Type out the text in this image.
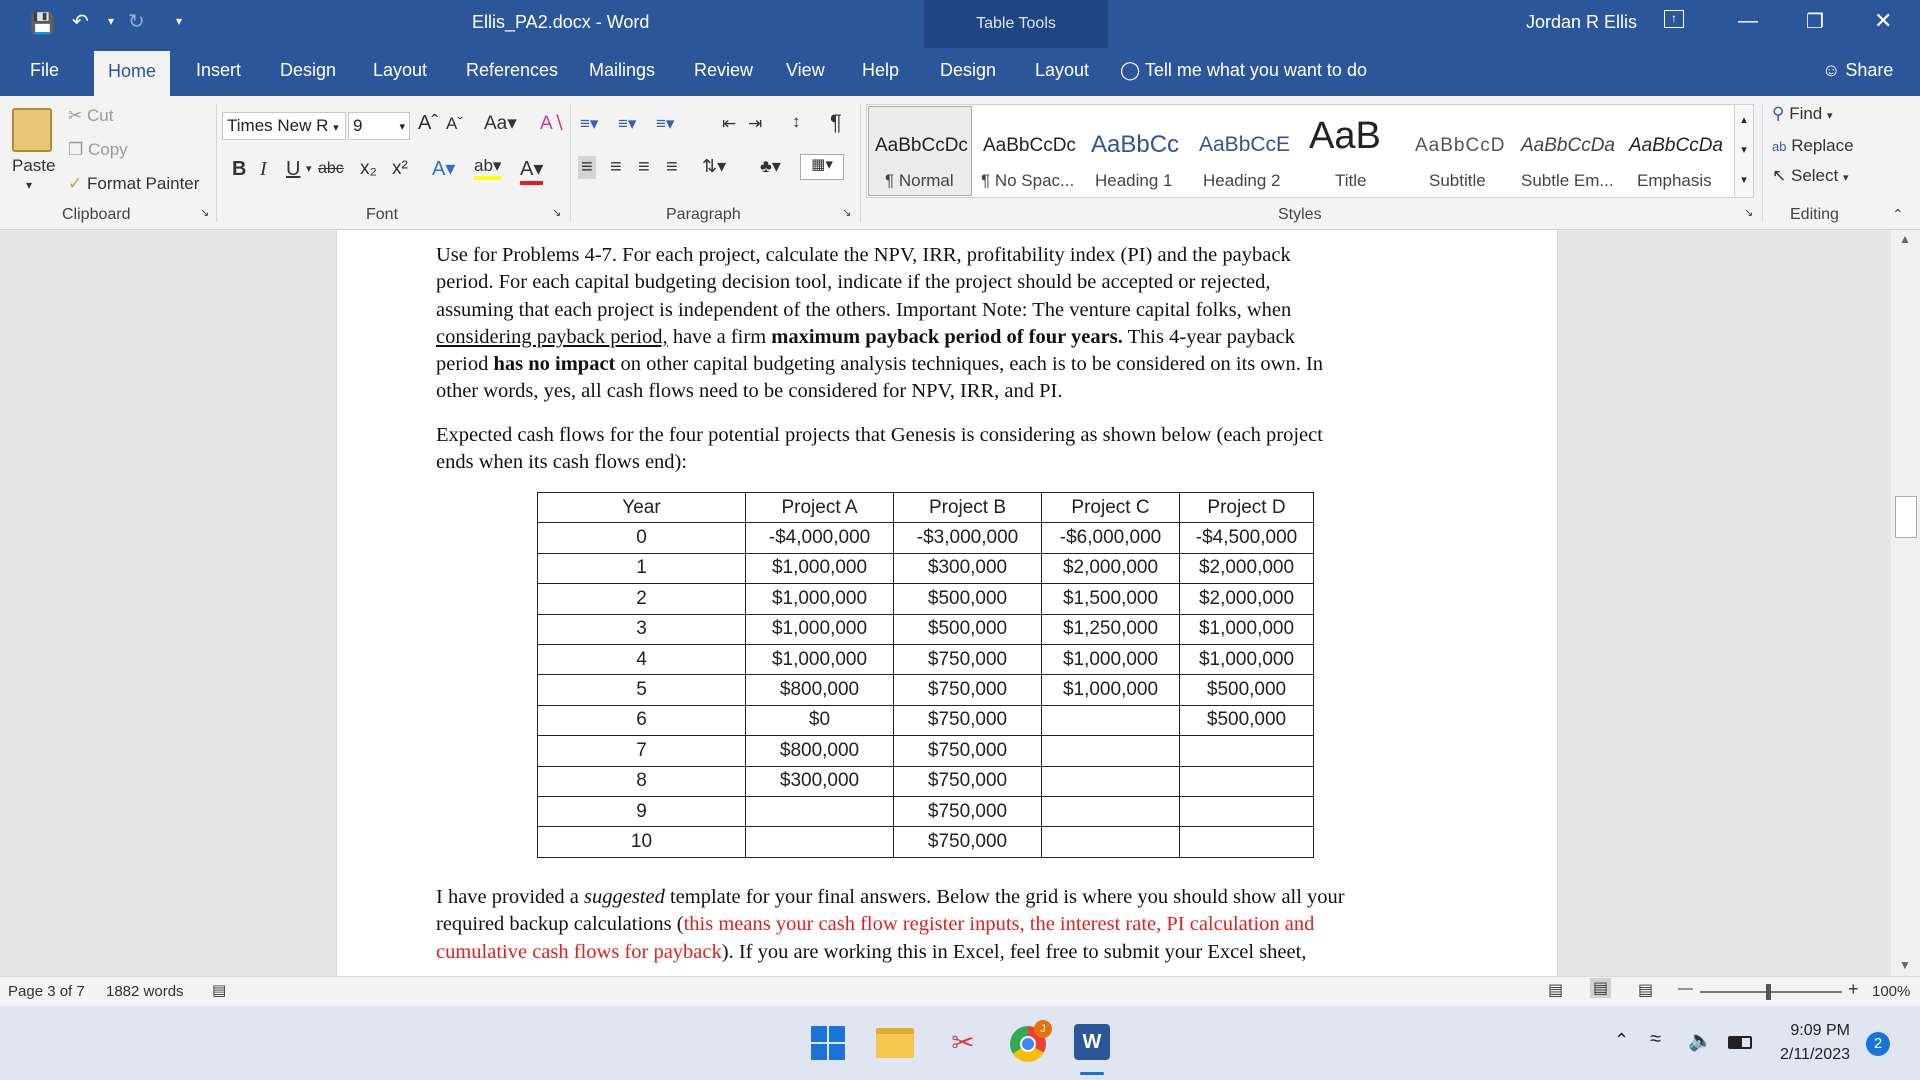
💾 ↶ ▾ ↻	▾	Ellis_PA2.docx - Word	Table Tools	Jordan R Ellis	↑	— ❐ ✕
File	Home	Insert Design Layout References Mailings Review View Help Design Layout ◯ Tell me what you want to do	☺ Share
Paste
▾
✂ Cut
❐ Copy
✓ Format Painter
Clipboard	↘
Times New R ▾ 9	▾ Aˆ Aˇ Aa▾ A∖
B I U ▾ abc x₂ x² A▾ ab▾ A▾
Font	↘
≡▾ ≡▾ ≡▾	⇤ ⇥ ↕ ¶
≡ ≡ ≡ ≡ ⇅▾ ♣▾	▦▾
Paragraph	↘
AaBbCcDc
¶ Normal
AaBbCcDc
¶ No Spac...
AaBbCc
Heading 1
AaBbCcE
Heading 2
AaB
Title
AaBbCcD
Subtitle
AaBbCcDa
Subtle Em...
AaBbCcDa
Emphasis
▴
▾
▾
Styles	↘
⚲ Find ▾
ab Replace
↖ Select ▾
Editing	⌃
Use for Problems 4-7. For each project, calculate the NPV, IRR, profitability index (PI) and the payback
period. For each capital budgeting decision tool, indicate if the project should be accepted or rejected,
assuming that each project is independent of the others. Important Note: The venture capital folks, when
considering payback period, have a firm maximum payback period of four years. This 4-year payback
period has no impact on other capital budgeting analysis techniques, each is to be considered on its own. In
other words, yes, all cash flows need to be considered for NPV, IRR, and PI.
Expected cash flows for the four potential projects that Genesis is considering as shown below (each project
ends when its cash flows end):
Year	Project A	Project B	Project C	Project D
0	-$4,000,000	-$3,000,000	-$6,000,000	-$4,500,000
1	$1,000,000	$300,000	$2,000,000	$2,000,000
2	$1,000,000	$500,000	$1,500,000	$2,000,000
3	$1,000,000	$500,000	$1,250,000	$1,000,000
4	$1,000,000	$750,000	$1,000,000	$1,000,000
5	$800,000	$750,000	$1,000,000	$500,000
6	$0	$750,000		$500,000
7	$800,000	$750,000		
8	$300,000	$750,000		
9		$750,000		
10		$750,000		
I have provided a suggested template for your final answers. Below the grid is where you should show all your
required backup calculations (this means your cash flow register inputs, the interest rate, PI calculation and
cumulative cash flows for payback). If you are working this in Excel, feel free to submit your Excel sheet,
▲
▼
Page 3 of 7 1882 words ▤	▤ ▤ ▤ —	+ 100%
✂	J
W	⌃ ≈ 🔈	9:09 PM
2/11/2023
2
